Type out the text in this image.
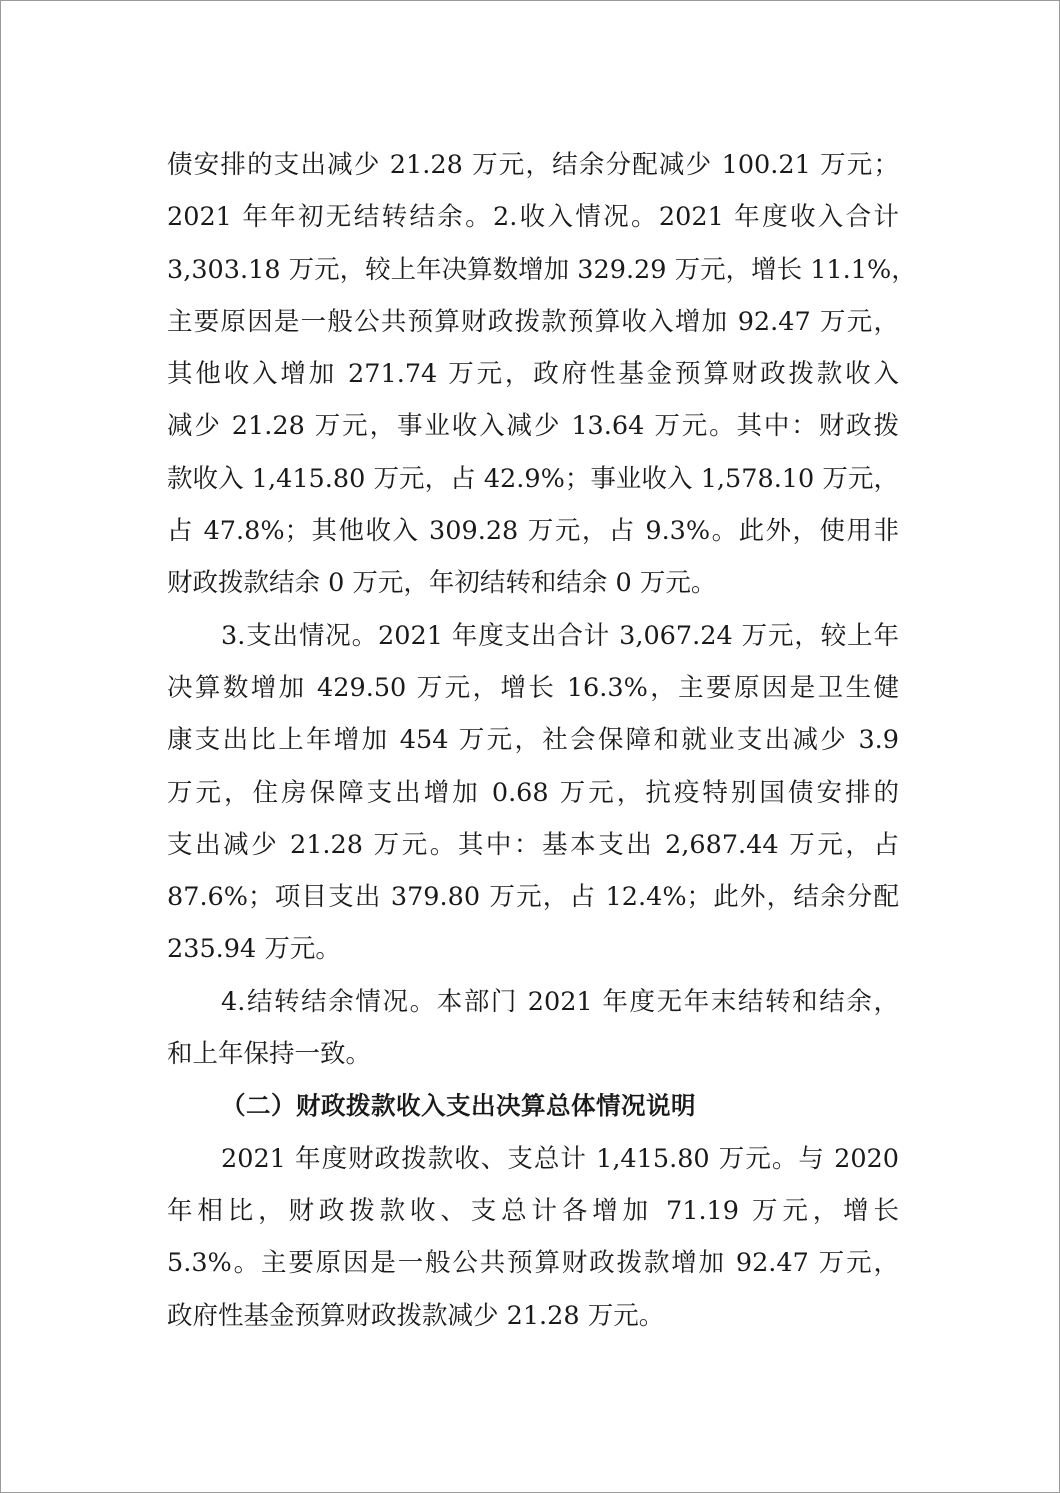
债安排的支出减少 21.28 万元，结余分配减少 100.21 万元；
2021 年年初无结转结余。2.收入情况。2021 年度收入合计
3,303.18 万元，较上年决算数增加 329.29 万元，增长 11.1%，
主要原因是一般公共预算财政拨款预算收入增加 92.47 万元，
其他收入增加 271.74 万元，政府性基金预算财政拨款收入
减少 21.28 万元，事业收入减少 13.64 万元。其中：财政拨
款收入 1,415.80 万元，占 42.9%；事业收入 1,578.10 万元，
占 47.8%；其他收入 309.28 万元，占 9.3%。此外，使用非
财政拨款结余 0 万元，年初结转和结余 0 万元。
3.支出情况。2021 年度支出合计 3,067.24 万元，较上年
决算数增加 429.50 万元，增长 16.3%，主要原因是卫生健
康支出比上年增加 454 万元，社会保障和就业支出减少 3.9
万元，住房保障支出增加 0.68 万元，抗疫特别国债安排的
支出减少 21.28 万元。其中：基本支出 2,687.44 万元，占
87.6%；项目支出 379.80 万元，占 12.4%；此外，结余分配
235.94 万元。
4.结转结余情况。本部门 2021 年度无年末结转和结余，
和上年保持一致。
（二）财政拨款收入支出决算总体情况说明
2021 年度财政拨款收、支总计 1,415.80 万元。与 2020
年相比，财政拨款收、支总计各增加 71.19 万元，增长
5.3%。主要原因是一般公共预算财政拨款增加 92.47 万元，
政府性基金预算财政拨款减少 21.28 万元。
